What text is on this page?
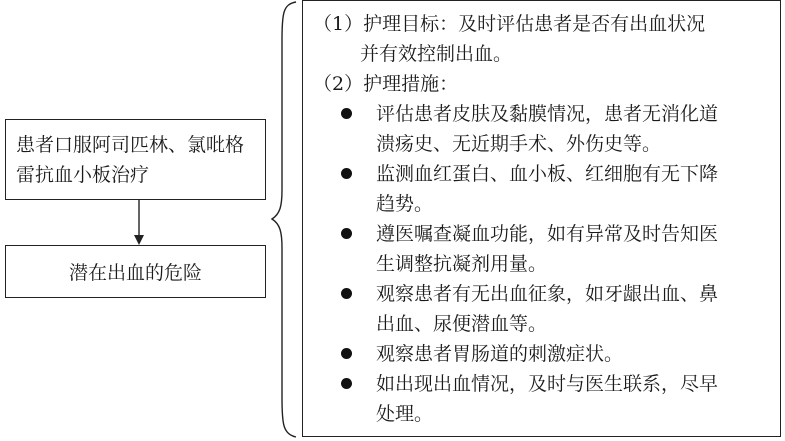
患者口服阿司匹林、氯吡格雷抗血小板治疗
潜在出血的危险

（1）护理目标：及时评估患者是否有出血状况

并有效控制出血。

（2）护理措施：

评估患者皮肤及黏膜情况，患者无消化道
溃疡史、无近期手术、外伤史等。
监测血红蛋白、血小板、红细胞有无下降
趋势。
遵医嘱查凝血功能，如有异常及时告知医
生调整抗凝剂用量。
观察患者有无出血征象，如牙龈出血、鼻
出血、尿便潜血等。
观察患者胃肠道的刺激症状。
如出现出血情况，及时与医生联系，尽早
处理。
